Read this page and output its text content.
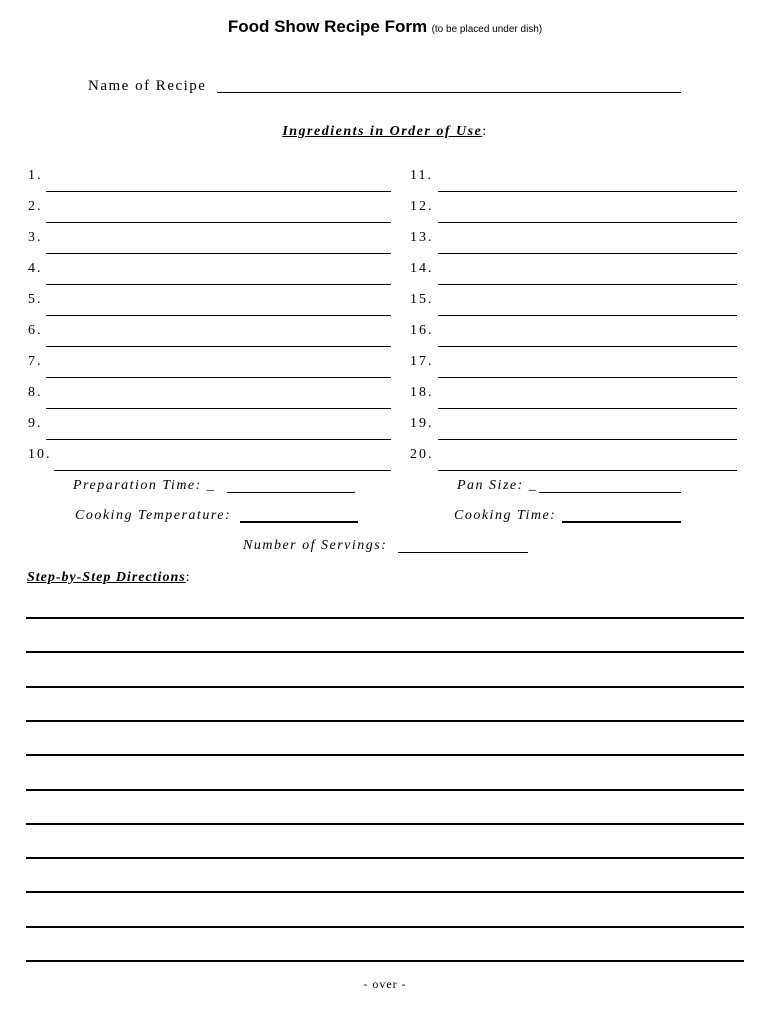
Food Show Recipe Form (to be placed under dish)
Name of Recipe
Ingredients in Order of Use:
1.
2.
3.
4.
5.
6.
7.
8.
9.
10.
11.
12.
13.
14.
15.
16.
17.
18.
19.
20.
Preparation Time: _	Pan Size: _
Cooking Temperature:	Cooking Time:
Number of Servings:
Step-by-Step Directions:
- over -
